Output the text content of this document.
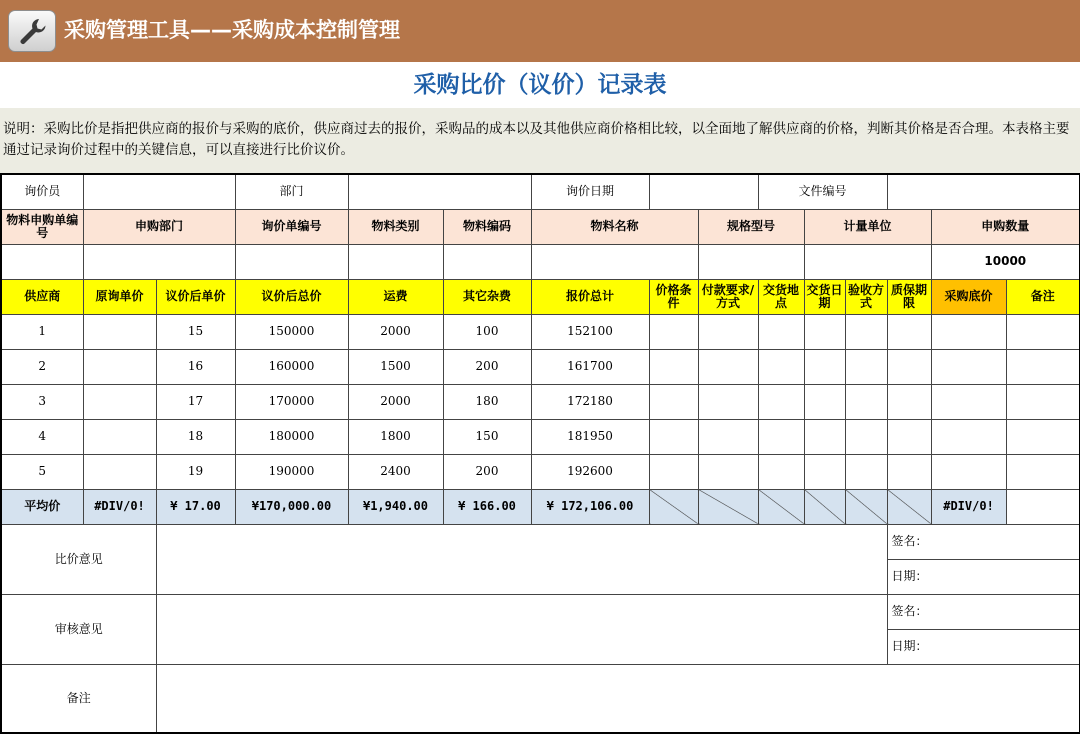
采购管理工具——采购成本控制管理
采购比价（议价）记录表
说明：采购比价是指把供应商的报价与采购的底价，供应商过去的报价，采购品的成本以及其他供应商价格相比较，以全面地了解供应商的价格，判断其价格是否合理。本表格主要通过记录询价过程中的关键信息，可以直接进行比价议价。
询价员			部门			询价日期			文件编号					
物料申购单编号	申购部门		询价单编号	物料类别	物料编码	物料名称		规格型号		计量单位			申购数量	
													10000	
供应商	原询单价	议价后单价	议价后总价	运费	其它杂费	报价总计	价格条件	付款要求/方式	交货地点	交货日期	验收方式	质保期限	采购底价	备注
1		15	150000	2000	100	152100								
2		16	160000	1500	200	161700								
3		17	170000	2000	180	172180								
4		18	180000	1800	150	181950								
5		19	190000	2400	200	192600								
平均价	#DIV/0!	¥ 17.00	¥170,000.00	¥1,940.00	¥ 166.00	¥ 172,106.00							#DIV/0!	
比价意见												签名：		
												日期：		
审核意见												签名：		
												日期：		
备注														
